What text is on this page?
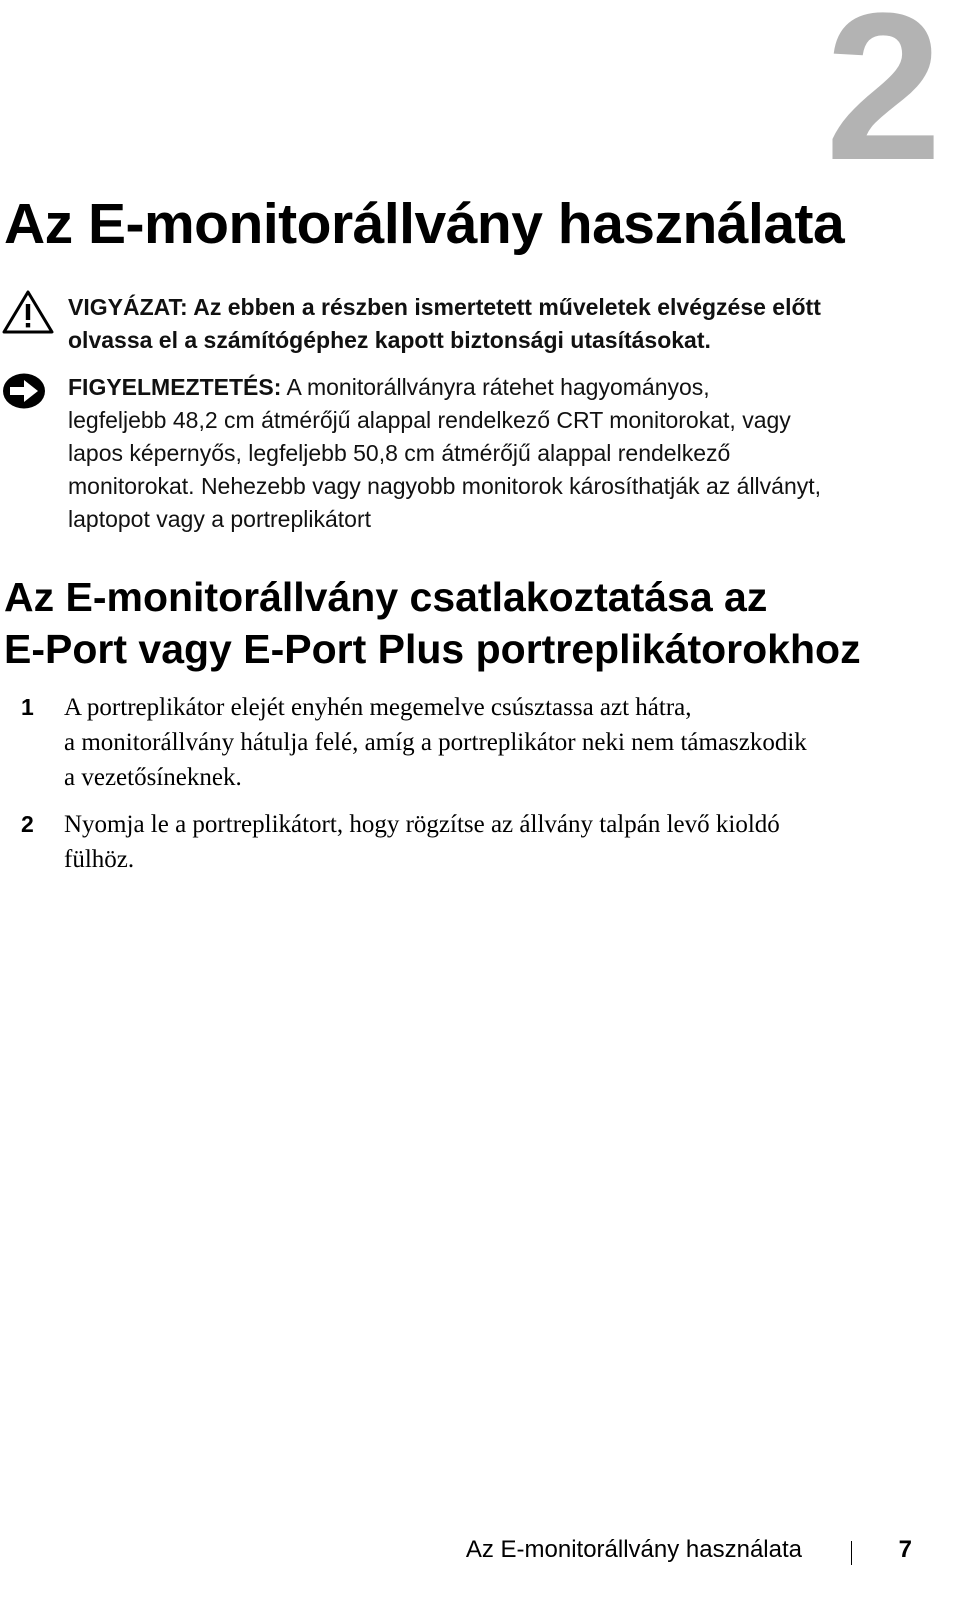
2
Az E-monitorállvány használata
VIGYÁZAT: Az ebben a részben ismertetett műveletek elvégzése előtt
olvassa el a számítógéphez kapott biztonsági utasításokat.
FIGYELMEZTETÉS: A monitorállványra rátehet hagyományos,
legfeljebb 48,2 cm átmérőjű alappal rendelkező CRT monitorokat, vagy
lapos képernyős, legfeljebb 50,8 cm átmérőjű alappal rendelkező
monitorokat. Nehezebb vagy nagyobb monitorok károsíthatják az állványt,
laptopot vagy a portreplikátort
Az E-monitorállvány csatlakoztatása az
E-Port vagy E-Port Plus portreplikátorokhoz
1 A portreplikátor elejét enyhén megemelve csúsztassa azt hátra,
a monitorállvány hátulja felé, amíg a portreplikátor neki nem támaszkodik
a vezetősíneknek.
2 Nyomja le a portreplikátort, hogy rögzítse az állvány talpán levő kioldó
fülhöz.
Az E-monitorállvány használata	7
